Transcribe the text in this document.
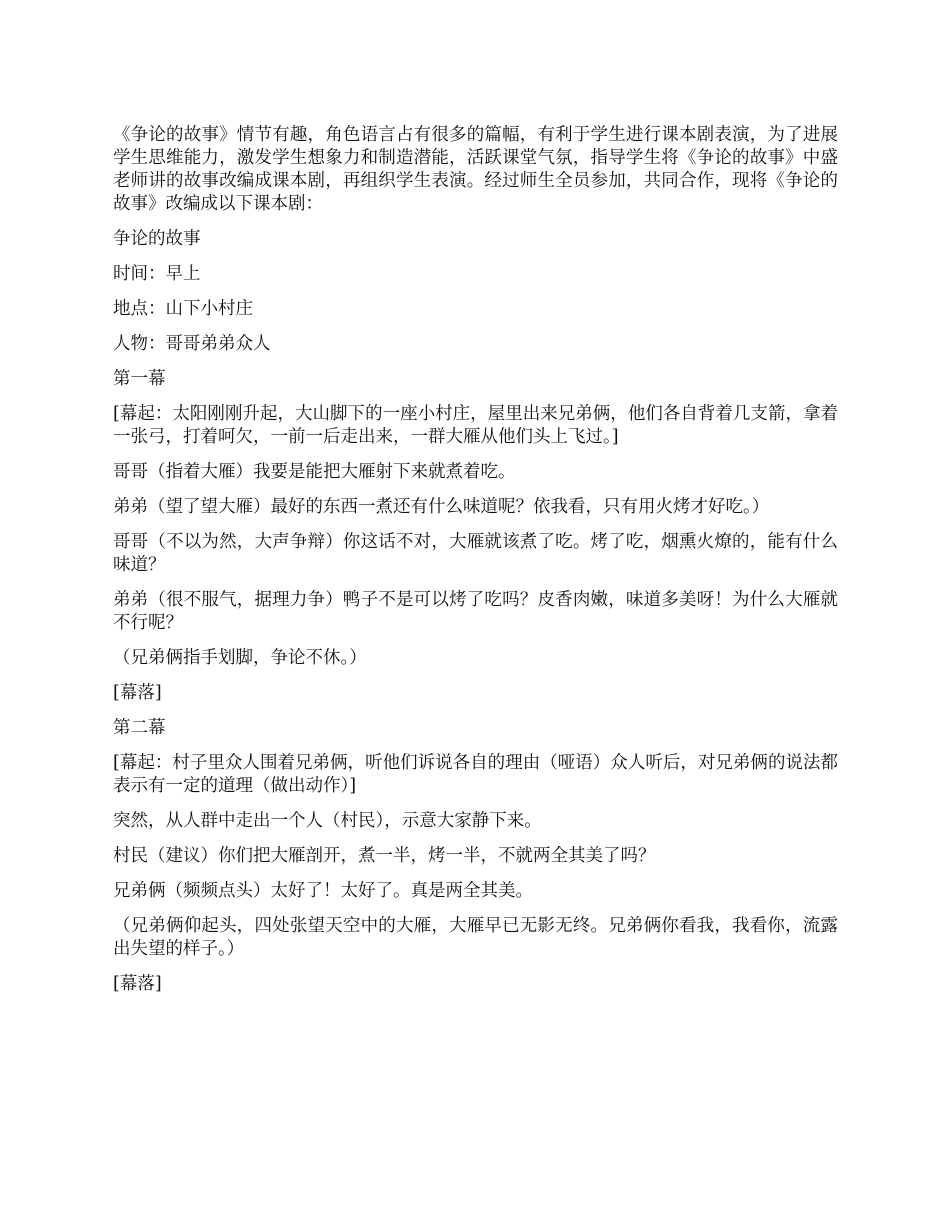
《争论的故事》情节有趣，角色语言占有很多的篇幅，有利于学生进行课本剧表演，为了进展学生思维能力，激发学生想象力和制造潜能，活跃课堂气氛，指导学生将《争论的故事》中盛老师讲的故事改编成课本剧，再组织学生表演。经过师生全员参加，共同合作，现将《争论的故事》改编成以下课本剧：

争论的故事

时间：早上

地点：山下小村庄

人物：哥哥弟弟众人

第一幕

[幕起：太阳刚刚升起，大山脚下的一座小村庄，屋里出来兄弟俩，他们各自背着几支箭，拿着一张弓，打着呵欠，一前一后走出来，一群大雁从他们头上飞过。]

哥哥（指着大雁）我要是能把大雁射下来就煮着吃。

弟弟（望了望大雁）最好的东西一煮还有什么味道呢？依我看，只有用火烤才好吃。）

哥哥（不以为然，大声争辩）你这话不对，大雁就该煮了吃。烤了吃，烟熏火燎的，能有什么味道？

弟弟（很不服气，据理力争）鸭子不是可以烤了吃吗？皮香肉嫩，味道多美呀！为什么大雁就不行呢？

（兄弟俩指手划脚，争论不休。）

[幕落]

第二幕

[幕起：村子里众人围着兄弟俩，听他们诉说各自的理由（哑语）众人听后，对兄弟俩的说法都表示有一定的道理（做出动作）]

突然，从人群中走出一个人（村民），示意大家静下来。

村民（建议）你们把大雁剖开，煮一半，烤一半，不就两全其美了吗？

兄弟俩（频频点头）太好了！太好了。真是两全其美。

（兄弟俩仰起头，四处张望天空中的大雁，大雁早已无影无终。兄弟俩你看我，我看你，流露出失望的样子。）

[幕落]
